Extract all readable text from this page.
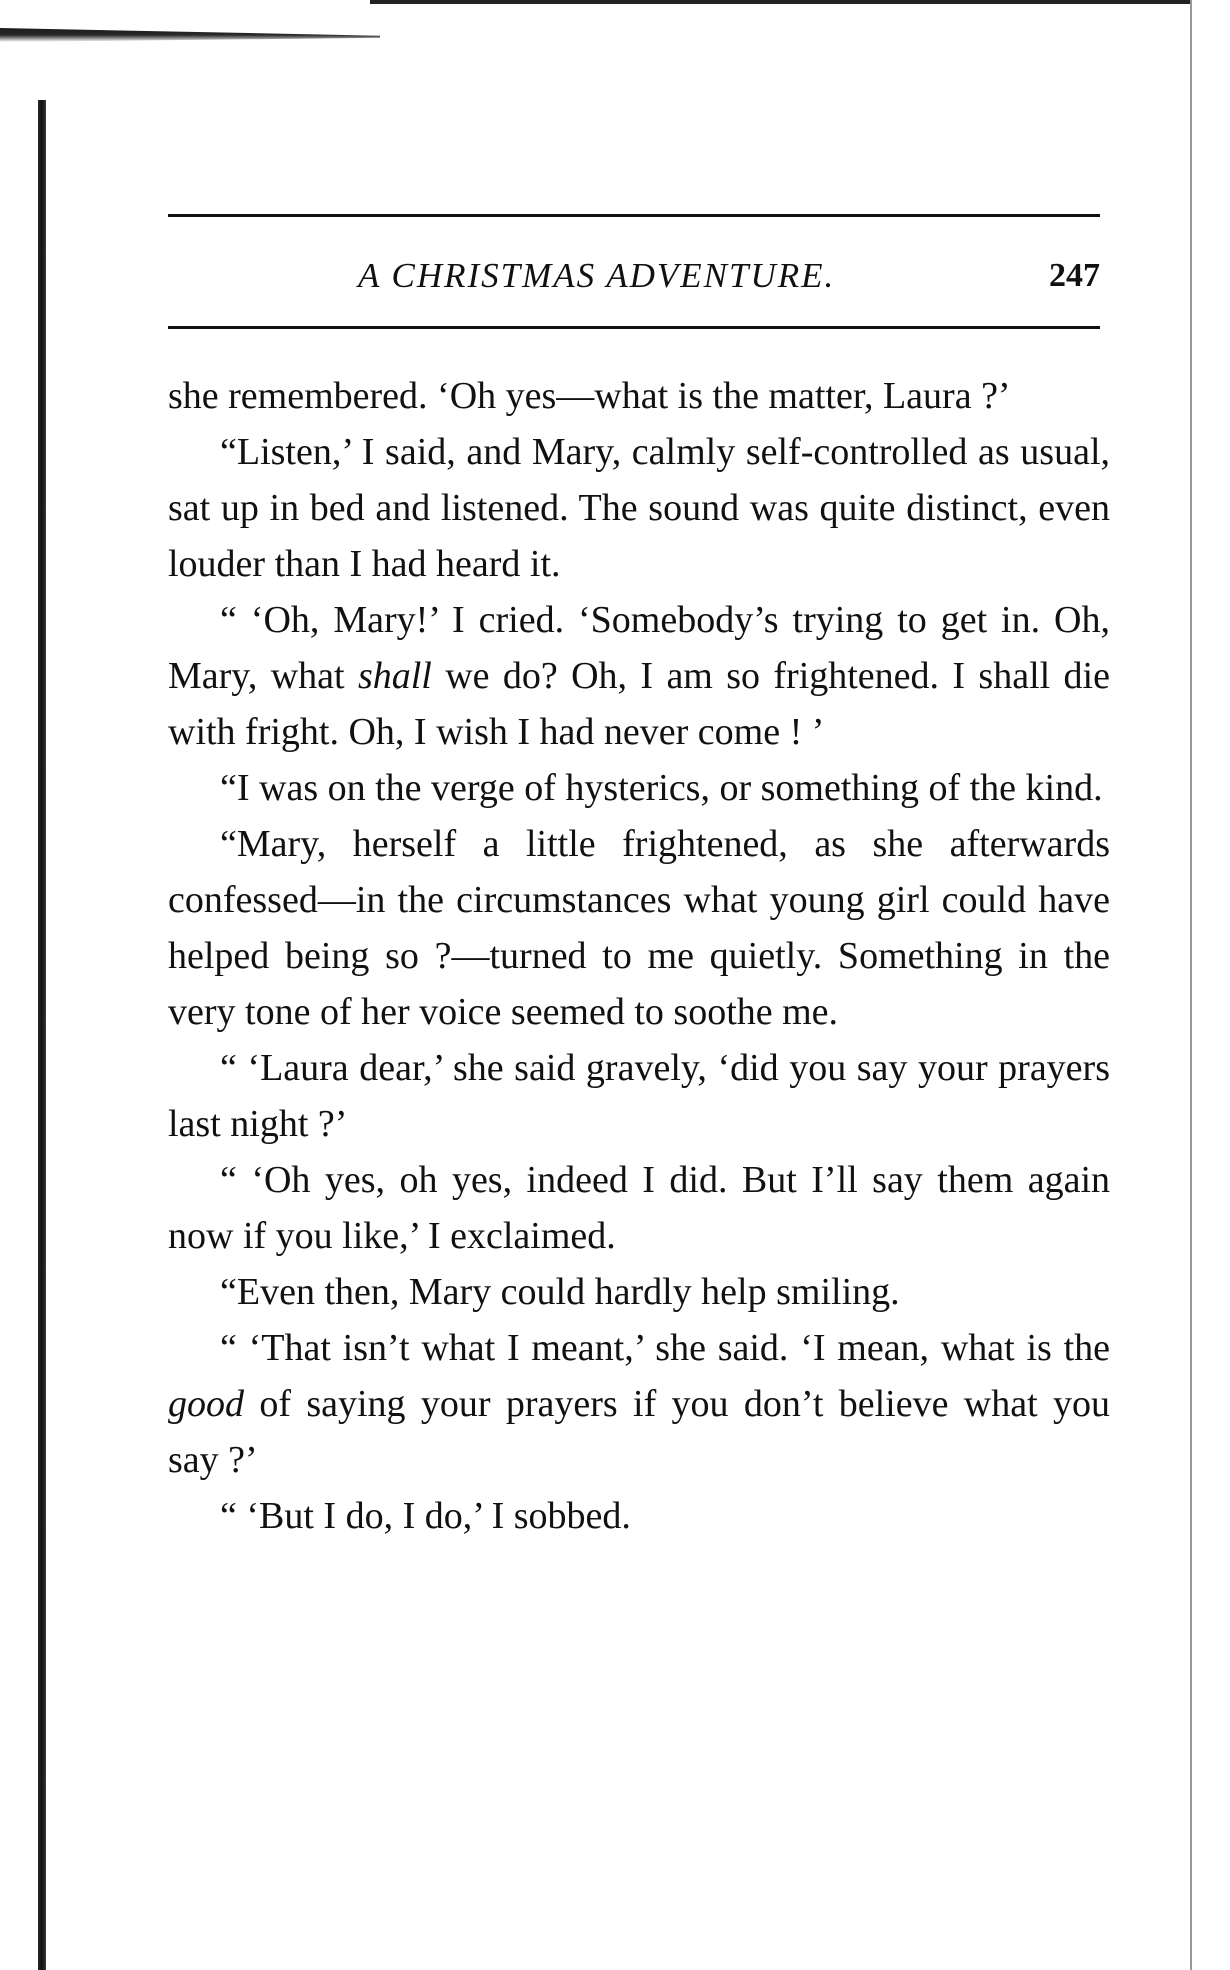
A CHRISTMAS ADVENTURE.	247

she remembered. ‘Oh yes—what is the matter, Laura ?’

“Listen,’ I said, and Mary, calmly self-controlled as usual, sat up in bed and listened. The sound was quite distinct, even louder than I had heard it.

“ ‘Oh, Mary!’ I cried. ‘Somebody’s trying to get in. Oh, Mary, what shall we do? Oh, I am so frightened. I shall die with fright. Oh, I wish I had never come ! ’

“I was on the verge of hysterics, or something of the kind.

“Mary, herself a little frightened, as she afterwards confessed—in the circumstances what young girl could have helped being so ?—turned to me quietly. Something in the very tone of her voice seemed to soothe me.

“ ‘Laura dear,’ she said gravely, ‘did you say your prayers last night ?’

“ ‘Oh yes, oh yes, indeed I did. But I’ll say them again now if you like,’ I exclaimed.

“Even then, Mary could hardly help smiling.

“ ‘That isn’t what I meant,’ she said. ‘I mean, what is the good of saying your prayers if you don’t believe what you say ?’

“ ‘But I do, I do,’ I sobbed.
